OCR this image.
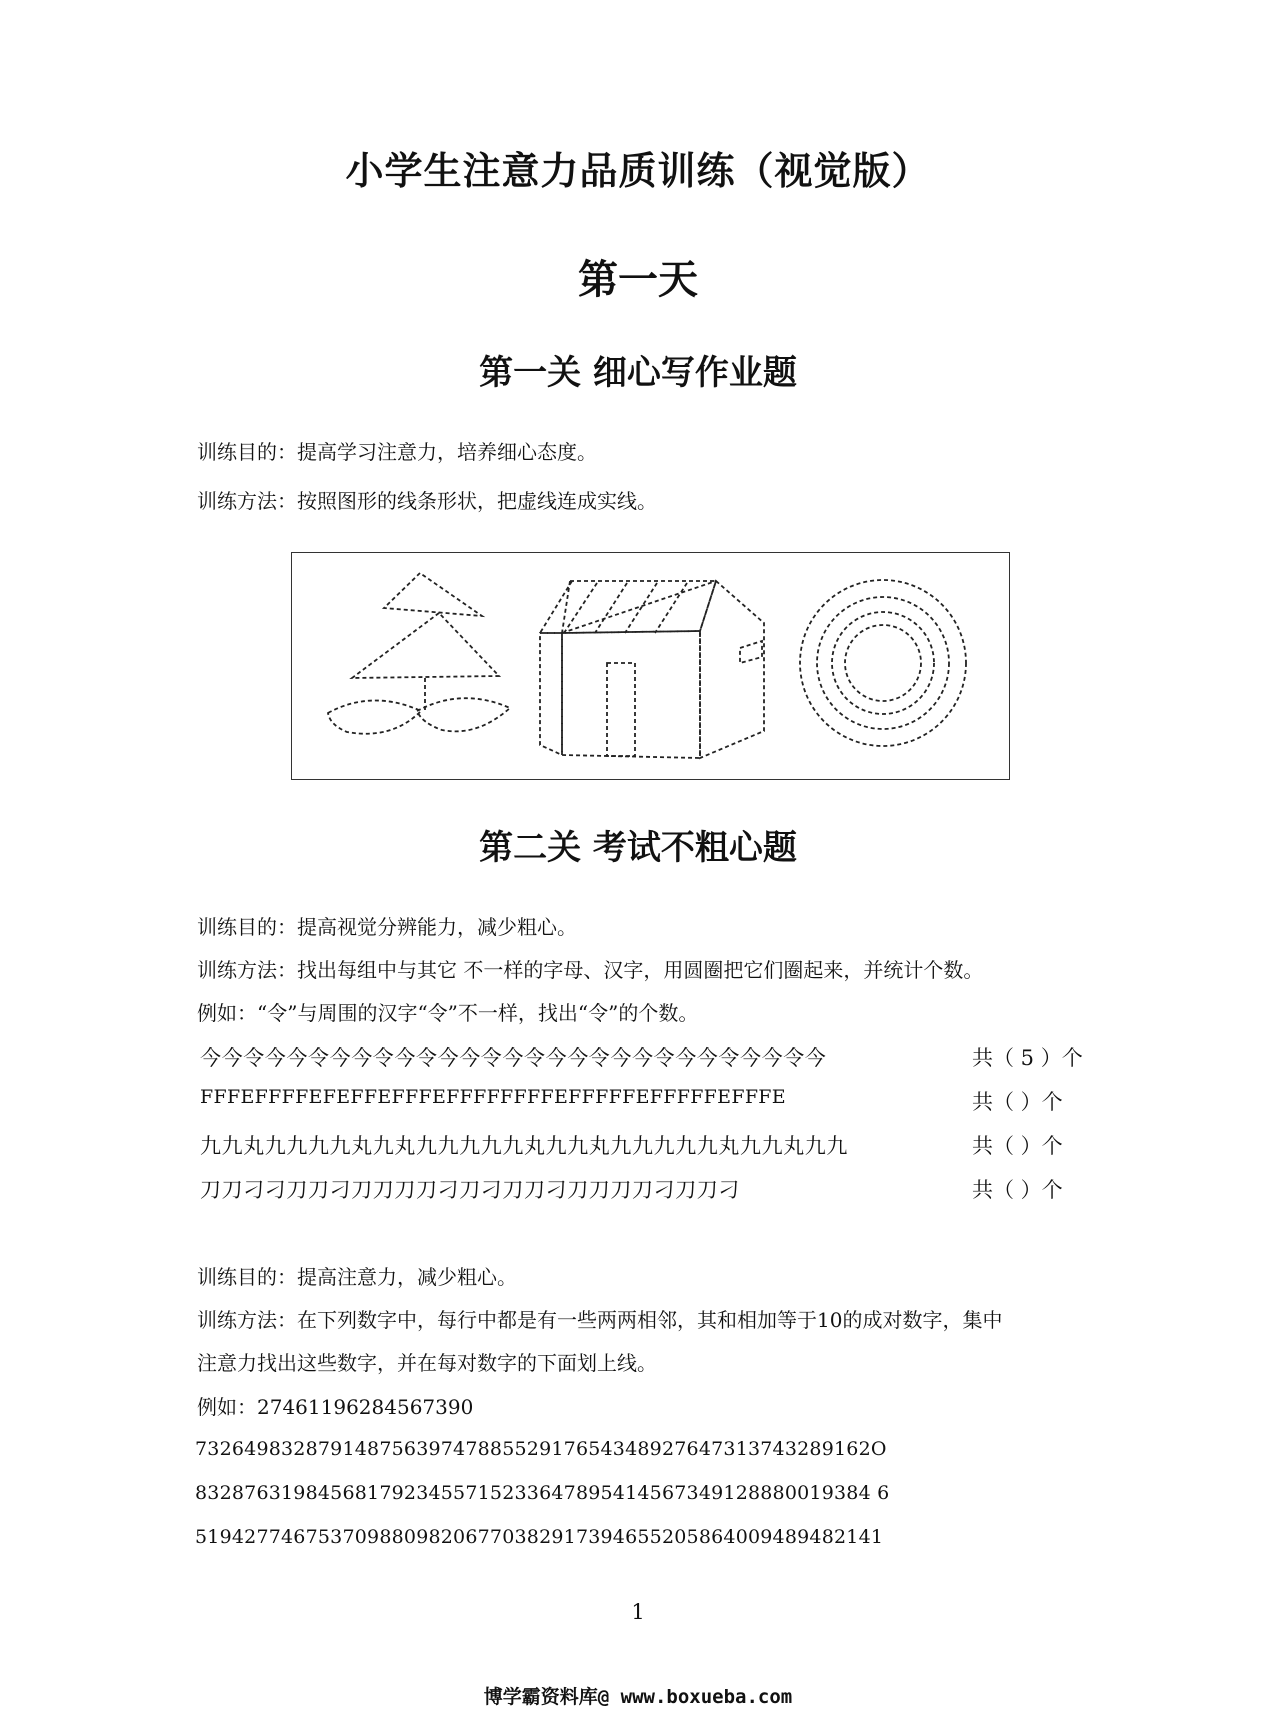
小学生注意力品质训练（视觉版）
第一天
第一关 细心写作业题
训练目的：提高学习注意力，培养细心态度。
训练方法：按照图形的线条形状，把虚线连成实线。
第二关 考试不粗心题
训练目的：提高视觉分辨能力，减少粗心。
训练方法：找出每组中与其它 不一样的字母、汉字，用圆圈把它们圈起来，并统计个数。
例如：“令”与周围的汉字“令”不一样，找出“令”的个数。
今今令今今令今今令今令今今令今令今今令今今令今今令今今令今	共（ 5 ）个
FFFEFFFFEFEFFEFFFEFFFFFFFFEFFFFFEFFFFFEFFFE	共（ ）个
九九丸九九九九丸九丸九九九九九丸九九丸九九九九九丸九九丸九九	共（ ）个
刀刀刁刁刀刀刁刀刀刀刀刁刀刁刀刀刁刀刀刀刀刁刀刀刁	共（ ）个
训练目的：提高注意力，减少粗心。
训练方法：在下列数字中，每行中都是有一些两两相邻，其和相加等于10的成对数字，集中
注意力找出这些数字，并在每对数字的下面划上线。
例如：27461196284567390
7326498328791487563974788552917654348927647313743289162O
8328763198456817923455715233647895414567349128880019384 6
51942774675370988098206770382917394655205864009489482141
1
博学霸资料库@ www.boxueba.com
